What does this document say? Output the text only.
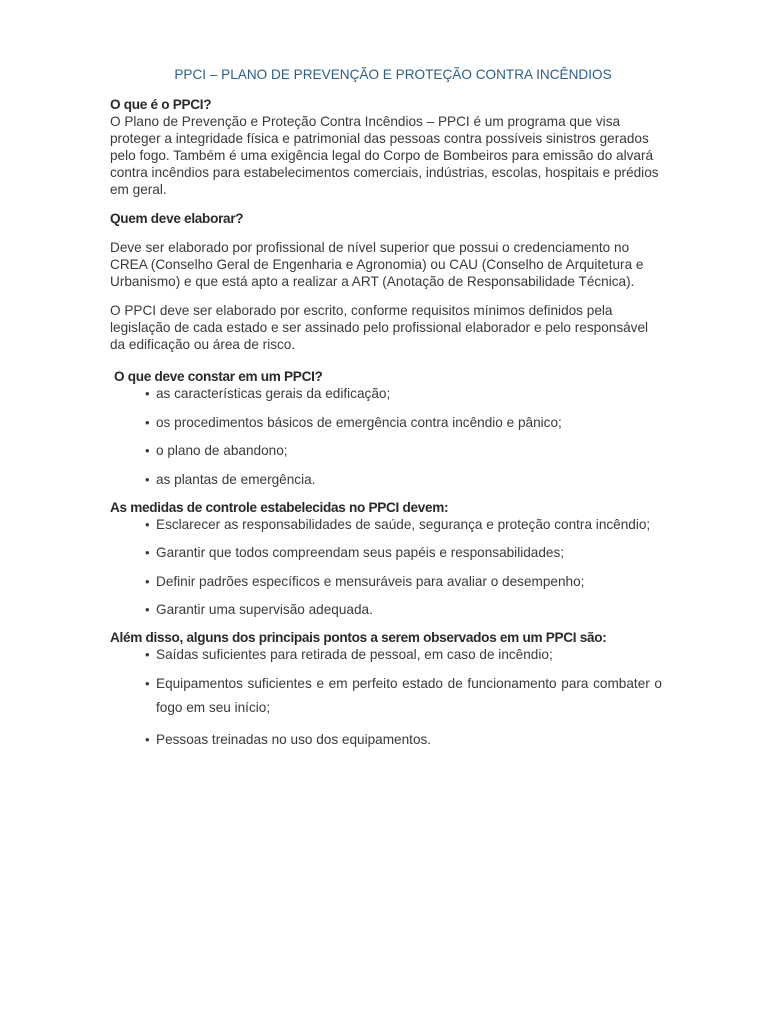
PPCI – PLANO DE PREVENÇÃO E PROTEÇÃO CONTRA INCÊNDIOS

O que é o PPCI?

O Plano de Prevenção e Proteção Contra Incêndios – PPCI é um programa que visa proteger a integridade física e patrimonial das pessoas contra possíveis sinistros gerados pelo fogo. Também é uma exigência legal do Corpo de Bombeiros para emissão do alvará contra incêndios para estabelecimentos comerciais, indústrias, escolas, hospitais e prédios em geral.

Quem deve elaborar?

Deve ser elaborado por profissional de nível superior que possui o credenciamento no CREA (Conselho Geral de Engenharia e Agronomia) ou CAU (Conselho de Arquitetura e Urbanismo) e que está apto a realizar a ART (Anotação de Responsabilidade Técnica).

O PPCI deve ser elaborado por escrito, conforme requisitos mínimos definidos pela legislação de cada estado e ser assinado pelo profissional elaborador e pelo responsável da edificação ou área de risco.

O que deve constar em um PPCI?

• as características gerais da edificação;
• os procedimentos básicos de emergência contra incêndio e pânico;
• o plano de abandono;
• as plantas de emergência.

As medidas de controle estabelecidas no PPCI devem:

• Esclarecer as responsabilidades de saúde, segurança e proteção contra incêndio;
• Garantir que todos compreendam seus papéis e responsabilidades;
• Definir padrões específicos e mensuráveis para avaliar o desempenho;
• Garantir uma supervisão adequada.

Além disso, alguns dos principais pontos a serem observados em um PPCI são:

• Saídas suficientes para retirada de pessoal, em caso de incêndio;
• Equipamentos suficientes e em perfeito estado de funcionamento para combater o fogo em seu início;
• Pessoas treinadas no uso dos equipamentos.
